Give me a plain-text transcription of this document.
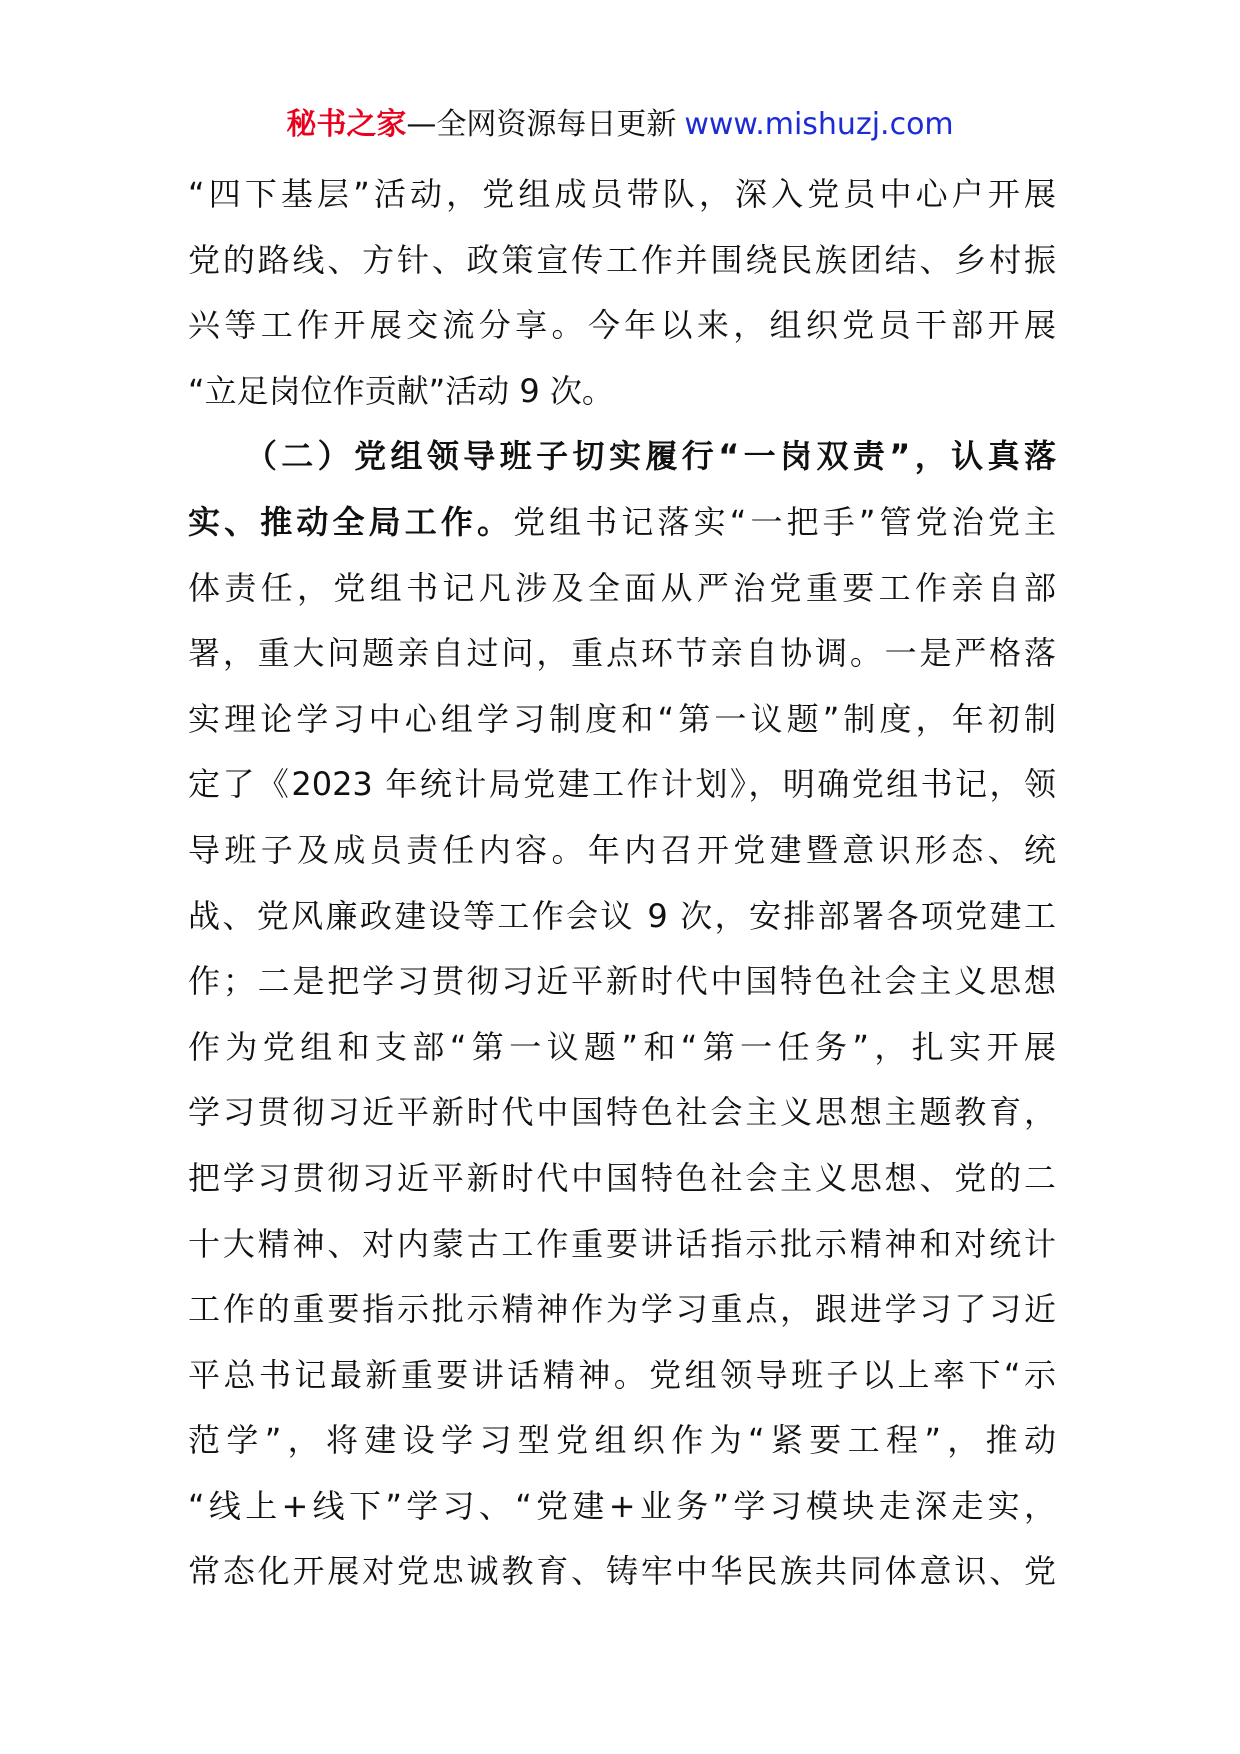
秘书之家—全网资源每日更新 www.mishuzj.com
“四下基层”活动，党组成员带队，深入党员中心户开展
党的路线、方针、政策宣传工作并围绕民族团结、乡村振
兴等工作开展交流分享。今年以来，组织党员干部开展
“立足岗位作贡献”活动 9 次。
　　（二）党组领导班子切实履行“一岗双责”，认真落
实、推动全局工作。党组书记落实“一把手”管党治党主
体责任，党组书记凡涉及全面从严治党重要工作亲自部
署，重大问题亲自过问，重点环节亲自协调。一是严格落
实理论学习中心组学习制度和“第一议题”制度，年初制
定了《2023 年统计局党建工作计划》，明确党组书记，领
导班子及成员责任内容。年内召开党建暨意识形态、统
战、党风廉政建设等工作会议 9 次，安排部署各项党建工
作；二是把学习贯彻习近平新时代中国特色社会主义思想
作为党组和支部“第一议题”和“第一任务”，扎实开展
学习贯彻习近平新时代中国特色社会主义思想主题教育，
把学习贯彻习近平新时代中国特色社会主义思想、党的二
十大精神、对内蒙古工作重要讲话指示批示精神和对统计
工作的重要指示批示精神作为学习重点，跟进学习了习近
平总书记最新重要讲话精神。党组领导班子以上率下“示
范学”，将建设学习型党组织作为“紧要工程”，推动
“线上+线下”学习、“党建+业务”学习模块走深走实，
常态化开展对党忠诚教育、铸牢中华民族共同体意识、党
